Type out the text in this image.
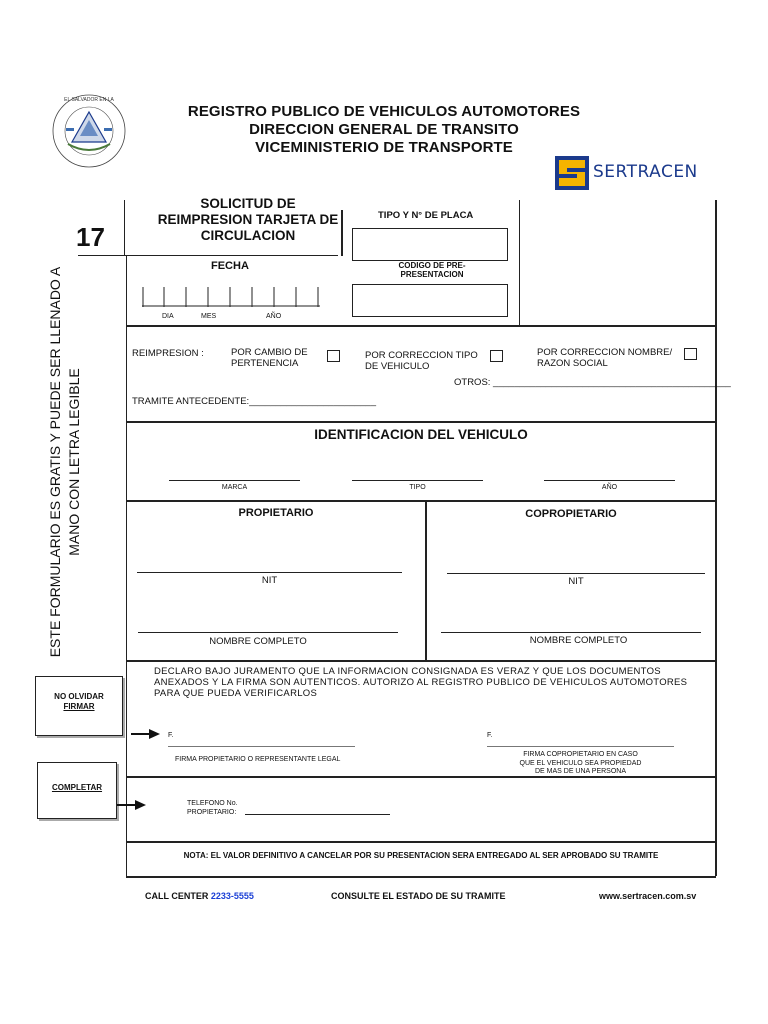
EL SALVADOR EN LA
REGISTRO PUBLICO DE VEHICULOS AUTOMOTORES
DIRECCION GENERAL DE TRANSITO
VICEMINISTERIO DE TRANSPORTE
SERTRACEN
17
SOLICITUD DE
REIMPRESION TARJETA DE
CIRCULACION
TIPO Y N° DE PLACA
FECHA
DIA	MES	AÑO
CODIGO DE PRE-
PRESENTACION
REIMPRESION :	POR CAMBIO DE
PERTENENCIA
POR CORRECCION TIPO
DE VEHICULO
POR CORRECCION NOMBRE/
RAZON SOCIAL
OTROS: _____________________________________________
TRAMITE ANTECEDENTE:________________________
IDENTIFICACION DEL VEHICULO
MARCA	TIPO	AÑO
PROPIETARIO	COPROPIETARIO
NIT	NIT
NOMBRE COMPLETO	NOMBRE COMPLETO
DECLARO BAJO JURAMENTO QUE LA INFORMACION CONSIGNADA ES VERAZ Y QUE LOS DOCUMENTOS
ANEXADOS Y LA FIRMA SON AUTENTICOS. AUTORIZO AL REGISTRO PUBLICO DE VEHICULOS AUTOMOTORES
PARA QUE PUEDA VERIFICARLOS
F.
FIRMA PROPIETARIO O REPRESENTANTE LEGAL
F.
FIRMA COPROPIETARIO EN CASO
QUE EL VEHICULO SEA PROPIEDAD
DE MAS DE UNA PERSONA
TELEFONO No.
PROPIETARIO:
NOTA: EL VALOR DEFINITIVO A CANCELAR POR SU PRESENTACION SERA ENTREGADO AL SER APROBADO SU TRAMITE
ESTE FORMULARIO ES GRATIS Y PUEDE SER LLENADO A MANO CON LETRA LEGIBLE
NO OLVIDAR
FIRMAR
COMPLETAR
CALL CENTER 2233-5555	CONSULTE EL ESTADO DE SU TRAMITE	www.sertracen.com.sv
